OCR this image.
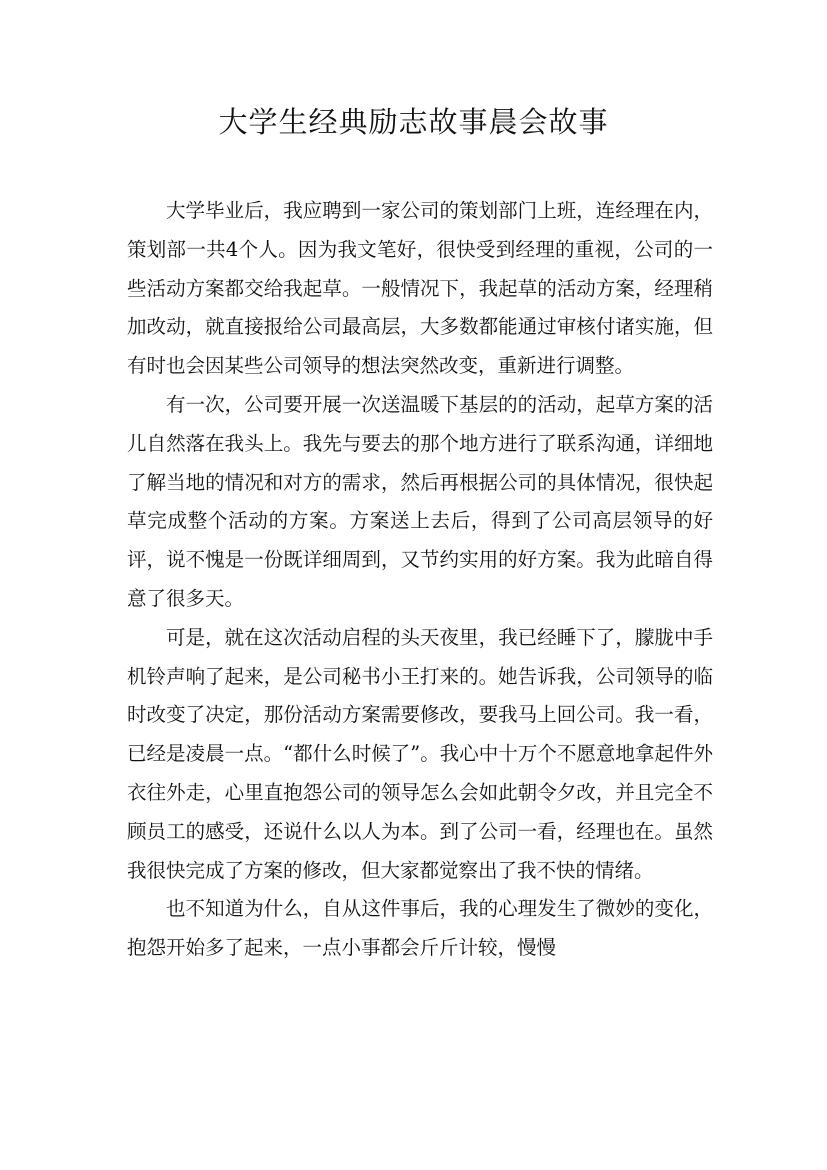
大学生经典励志故事晨会故事

大学毕业后，我应聘到一家公司的策划部门上班，连经理在内，策划部一共4个人。因为我文笔好，很快受到经理的重视，公司的一些活动方案都交给我起草。一般情况下，我起草的活动方案，经理稍加改动，就直接报给公司最高层，大多数都能通过审核付诸实施，但有时也会因某些公司领导的想法突然改变，重新进行调整。

有一次，公司要开展一次送温暖下基层的的活动，起草方案的活儿自然落在我头上。我先与要去的那个地方进行了联系沟通，详细地了解当地的情况和对方的需求，然后再根据公司的具体情况，很快起草完成整个活动的方案。方案送上去后，得到了公司高层领导的好评，说不愧是一份既详细周到，又节约实用的好方案。我为此暗自得意了很多天。

可是，就在这次活动启程的头天夜里，我已经睡下了，朦胧中手机铃声响了起来，是公司秘书小王打来的。她告诉我，公司领导的临时改变了决定，那份活动方案需要修改，要我马上回公司。我一看，已经是凌晨一点。“都什么时候了”。我心中十万个不愿意地拿起件外衣往外走，心里直抱怨公司的领导怎么会如此朝令夕改，并且完全不顾员工的感受，还说什么以人为本。到了公司一看，经理也在。虽然我很快完成了方案的修改，但大家都觉察出了我不快的情绪。

也不知道为什么，自从这件事后，我的心理发生了微妙的变化，抱怨开始多了起来，一点小事都会斤斤计较，慢慢
